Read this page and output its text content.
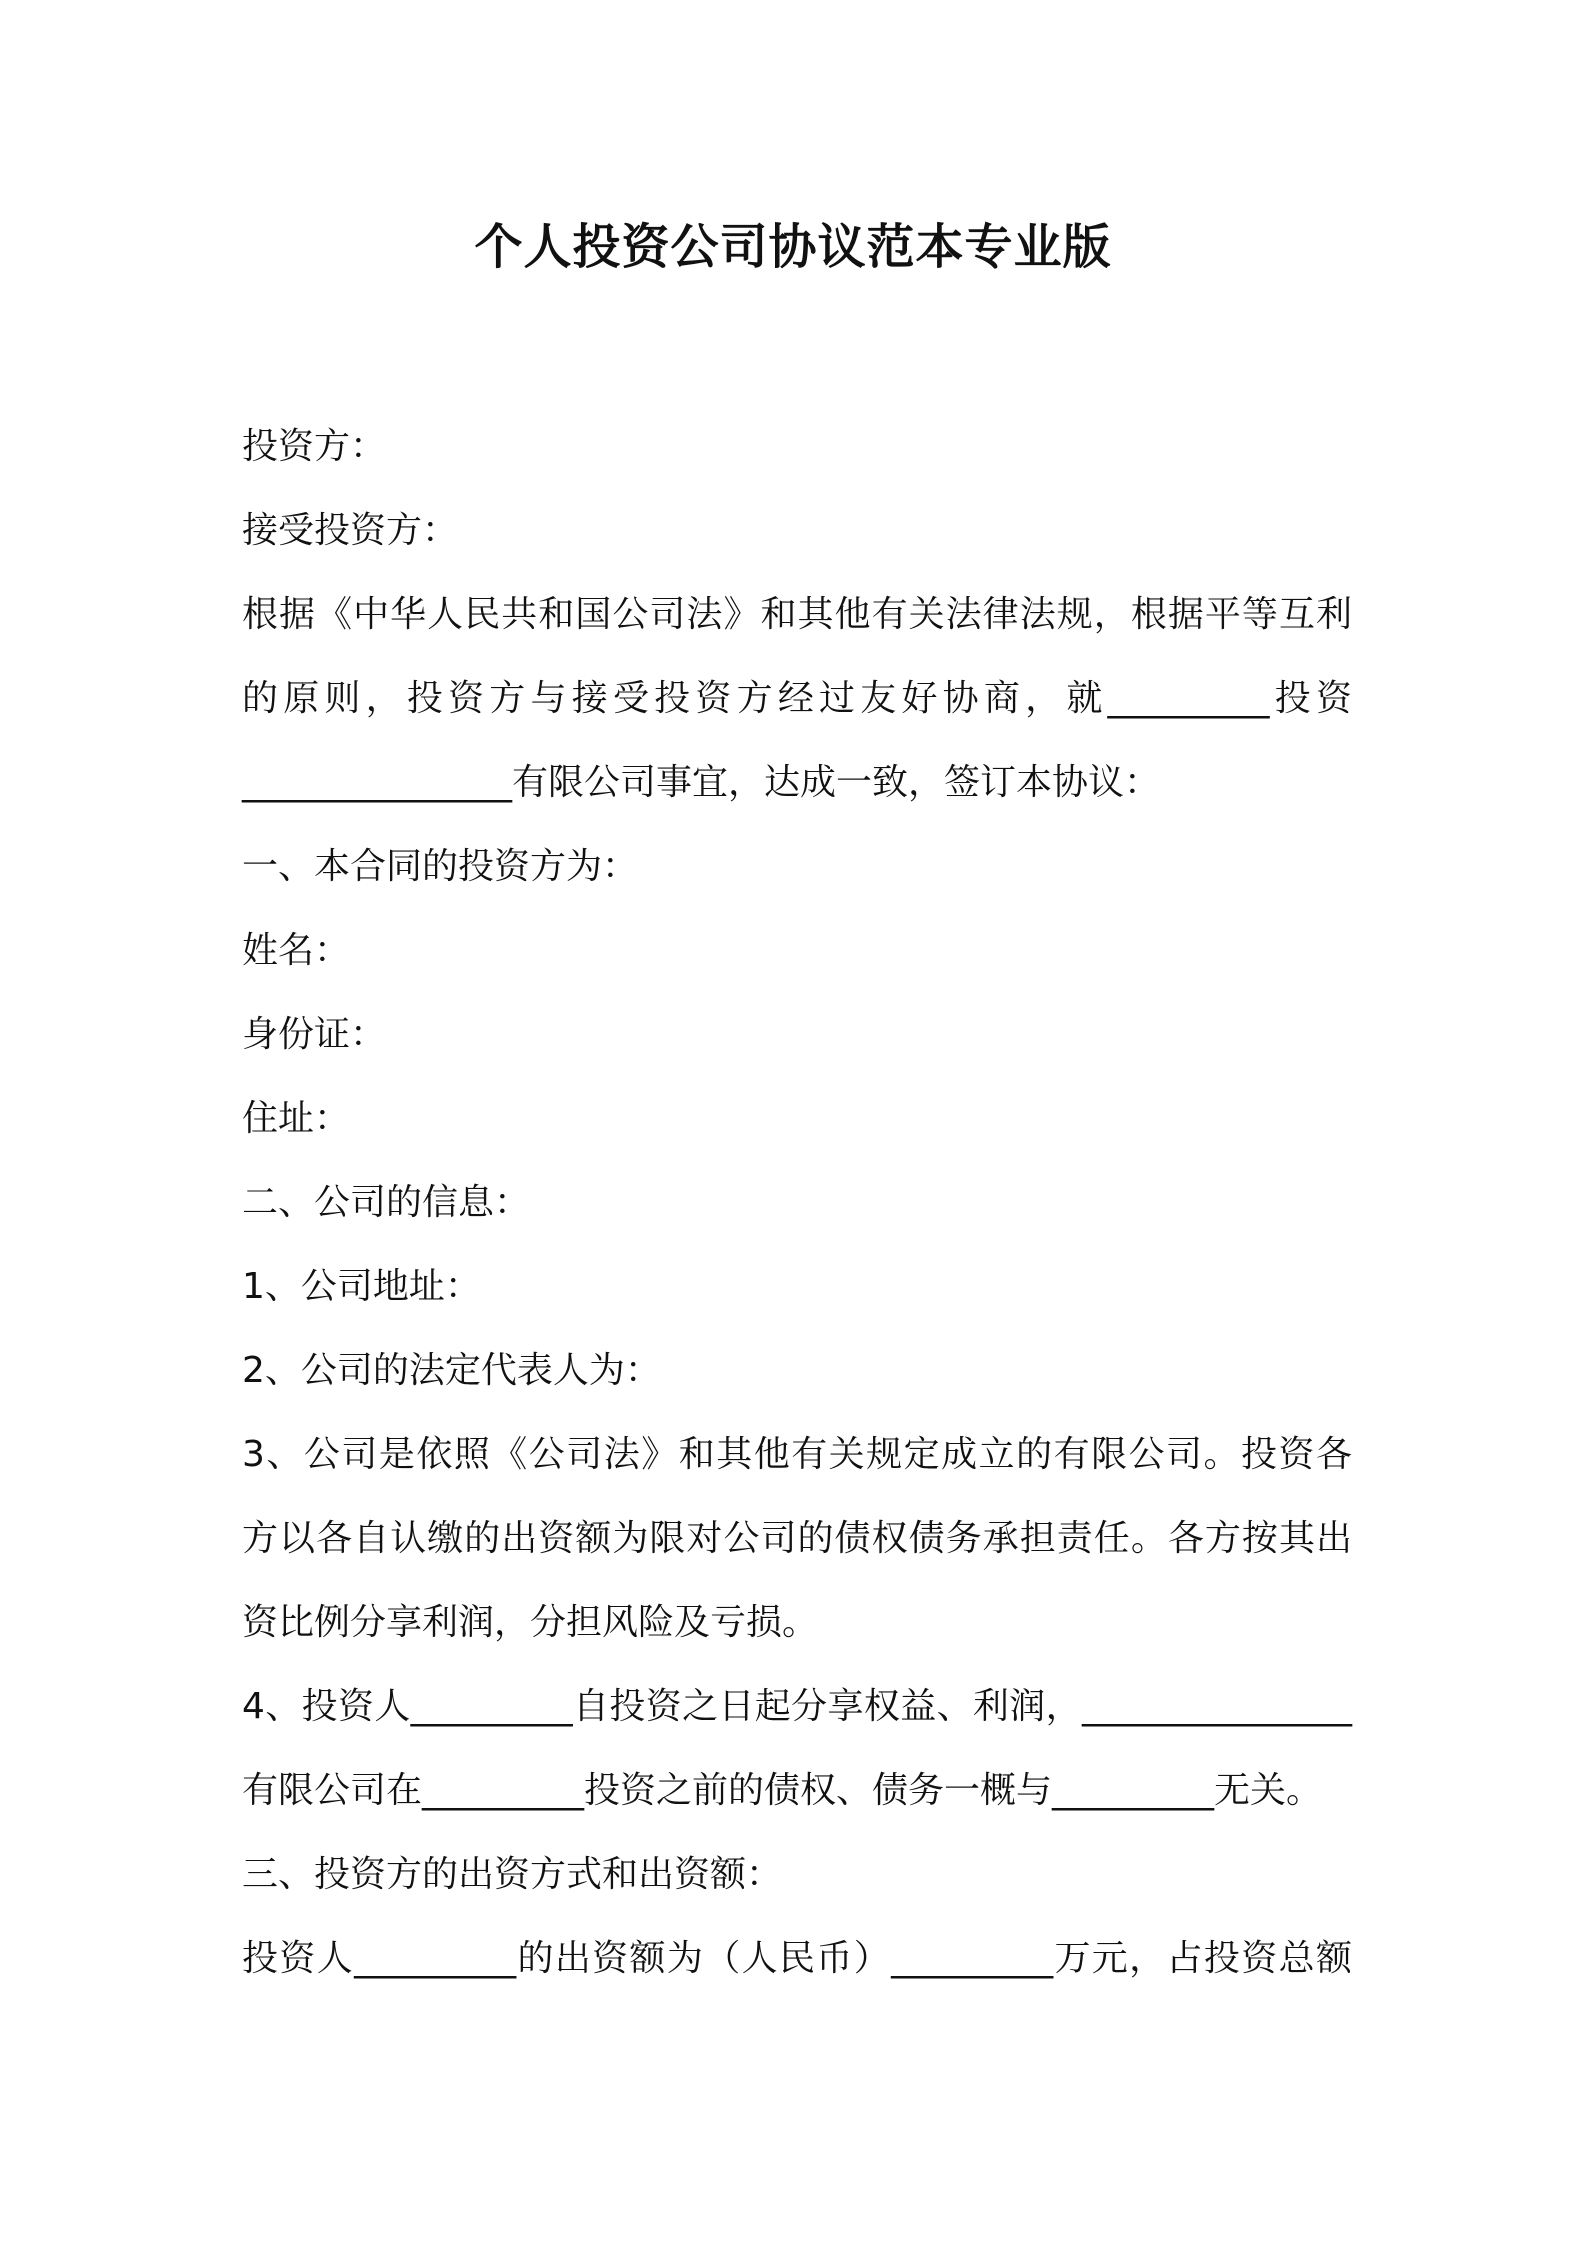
个人投资公司协议范本专业版

投资方：

接受投资方：

根据《中华人民共和国公司法》和其他有关法律法规，根据平等互利

的原则，投资方与接受投资方经过友好协商，就_________投资

_______________有限公司事宜，达成一致，签订本协议：

一、本合同的投资方为：

姓名：

身份证：

住址：

二、公司的信息：

1、公司地址：

2、公司的法定代表人为：

3、公司是依照《公司法》和其他有关规定成立的有限公司。投资各

方以各自认缴的出资额为限对公司的债权债务承担责任。各方按其出

资比例分享利润，分担风险及亏损。

4、投资人_________自投资之日起分享权益、利润，_______________

有限公司在_________投资之前的债权、债务一概与_________无关。

三、投资方的出资方式和出资额：

投资人_________的出资额为（人民币）_________万元，占投资总额
